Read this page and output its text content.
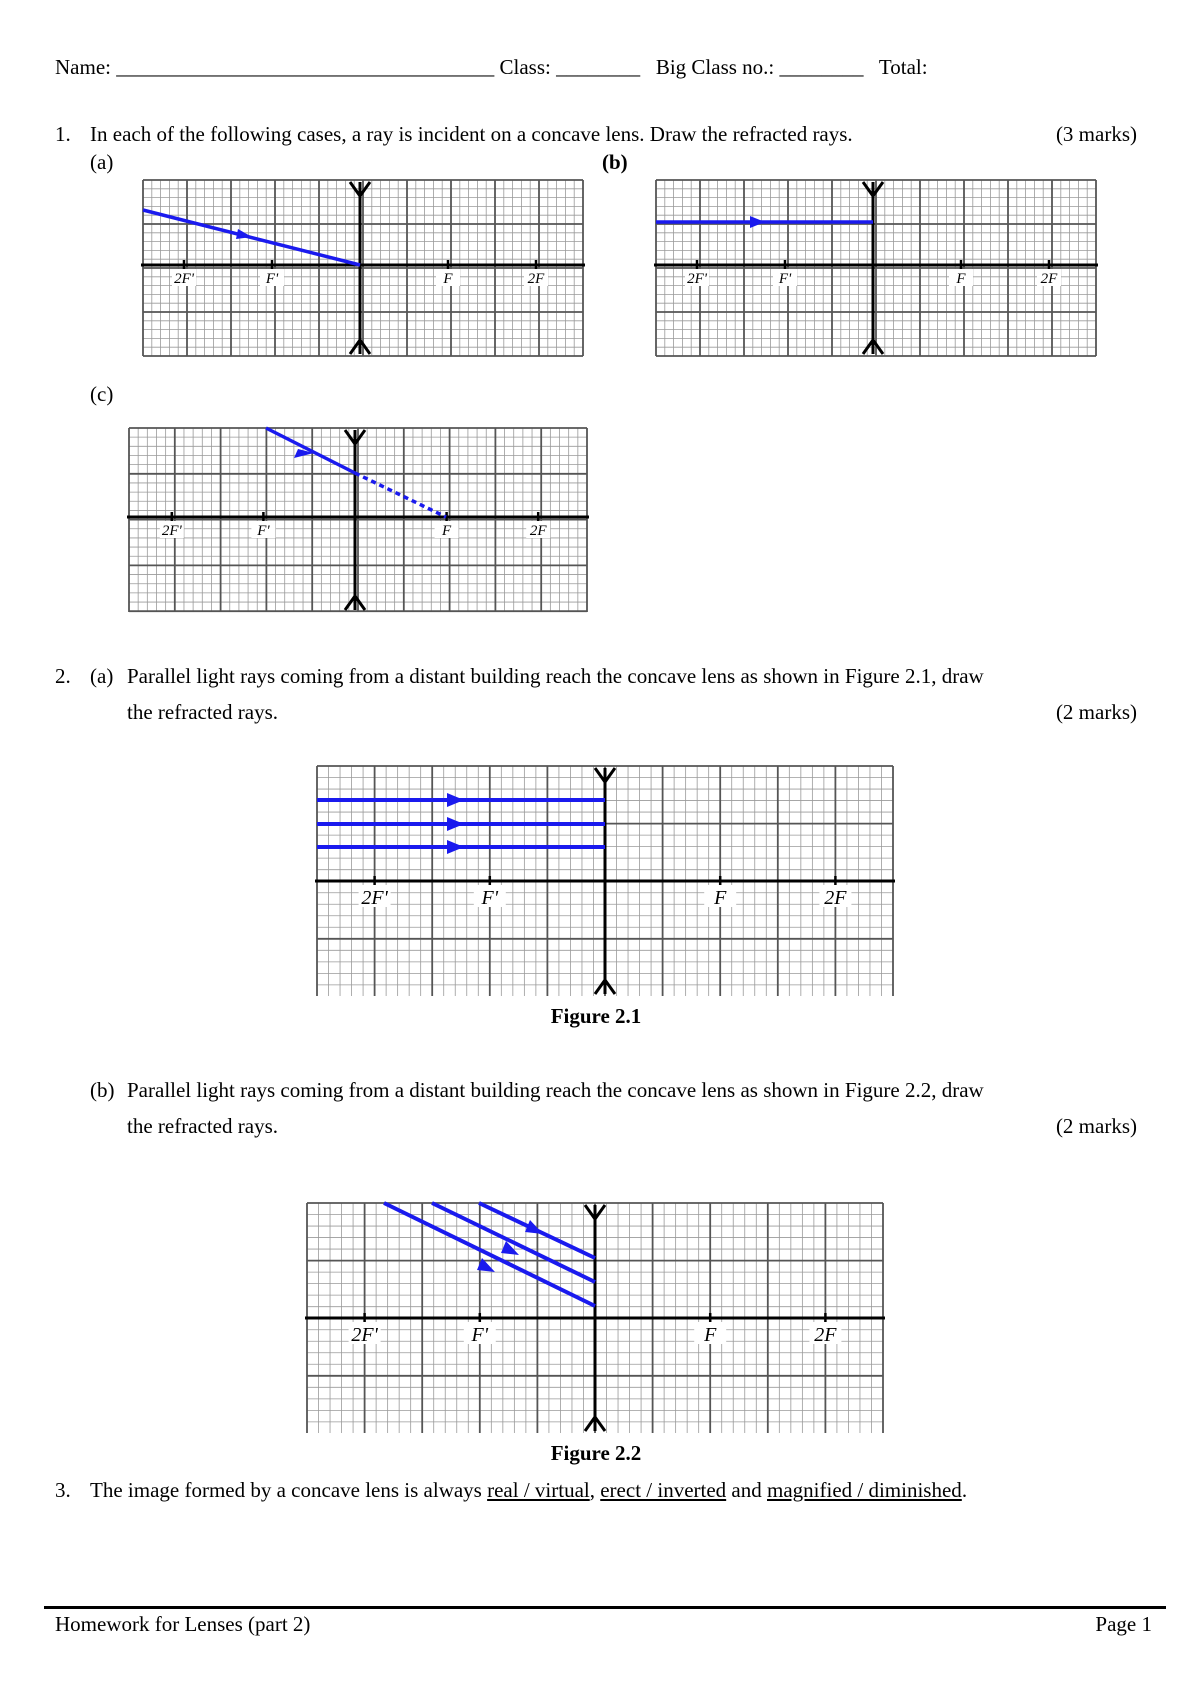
Name: ____________________________________ Class: ________ Big Class no.: ________ Total:
1. In each of the following cases, a ray is incident on a concave lens. Draw the refracted rays.	(3 marks)
(a)	(b)
(c)
2F'	F'	F	2F	2F'	F'	F	2F
2F'	F'	F	2F
2. (a) Parallel light rays coming from a distant building reach the concave lens as shown in Figure 2.1, draw
the refracted rays.	(2 marks)
2F'	F'	F	2F
Figure 2.1
(b) Parallel light rays coming from a distant building reach the concave lens as shown in Figure 2.2, draw
the refracted rays.	(2 marks)
2F'	F'	F	2F
Figure 2.2
3. The image formed by a concave lens is always real / virtual, erect / inverted and magnified / diminished.
Homework for Lenses (part 2)	Page 1
